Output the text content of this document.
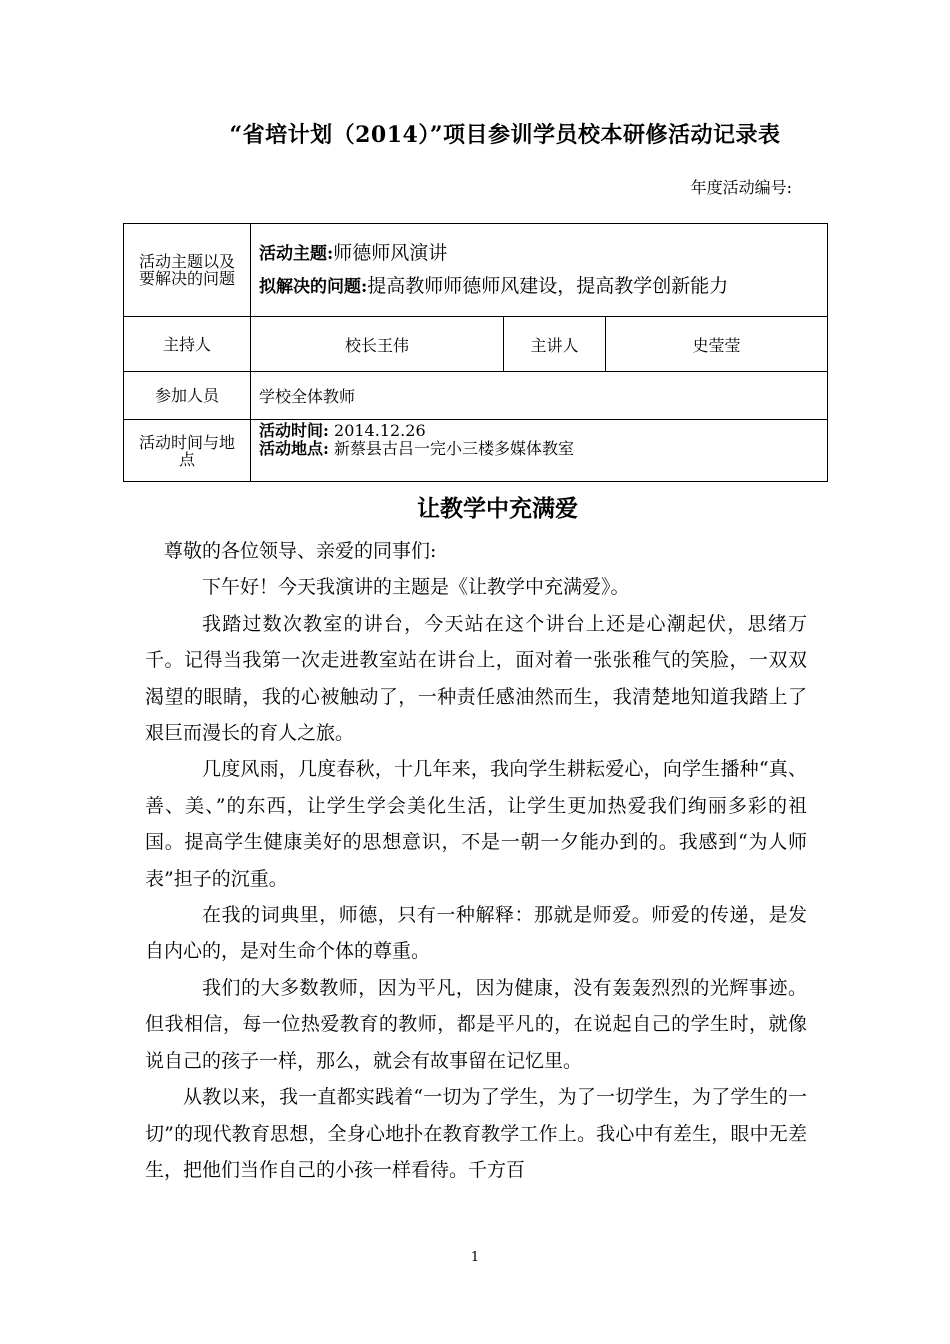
“省培计划（2014）”项目参训学员校本研修活动记录表
年度活动编号:
活动主题以及要解决的问题	活动主题:师德师风演讲
拟解决的问题:提高教师师德师风建设，提高教学创新能力		

主持人	校长王伟	主讲人	史莹莹
参加人员	学校全体教师		
活动时间与地点	活动时间: 2014.12.26
活动地点: 新蔡县古吕一完小三楼多媒体教室		
让教学中充满爱

尊敬的各位领导、亲爱的同事们:

下午好！今天我演讲的主题是《让教学中充满爱》。

我踏过数次教室的讲台，今天站在这个讲台上还是心潮起伏，思绪万千。记得当我第一次走进教室站在讲台上，面对着一张张稚气的笑脸，一双双渴望的眼睛，我的心被触动了，一种责任感油然而生，我清楚地知道我踏上了艰巨而漫长的育人之旅。

几度风雨，几度春秋，十几年来，我向学生耕耘爱心，向学生播种“真、善、美、”的东西，让学生学会美化生活，让学生更加热爱我们绚丽多彩的祖国。提高学生健康美好的思想意识，不是一朝一夕能办到的。我感到“为人师表”担子的沉重。

在我的词典里，师德，只有一种解释：那就是师爱。师爱的传递，是发自内心的，是对生命个体的尊重。

我们的大多数教师，因为平凡，因为健康，没有轰轰烈烈的光辉事迹。但我相信，每一位热爱教育的教师，都是平凡的，在说起自己的学生时，就像说自己的孩子一样，那么，就会有故事留在记忆里。

从教以来，我一直都实践着“一切为了学生，为了一切学生，为了学生的一切”的现代教育思想，全身心地扑在教育教学工作上。我心中有差生，眼中无差生，把他们当作自己的小孩一样看待。千方百

1
